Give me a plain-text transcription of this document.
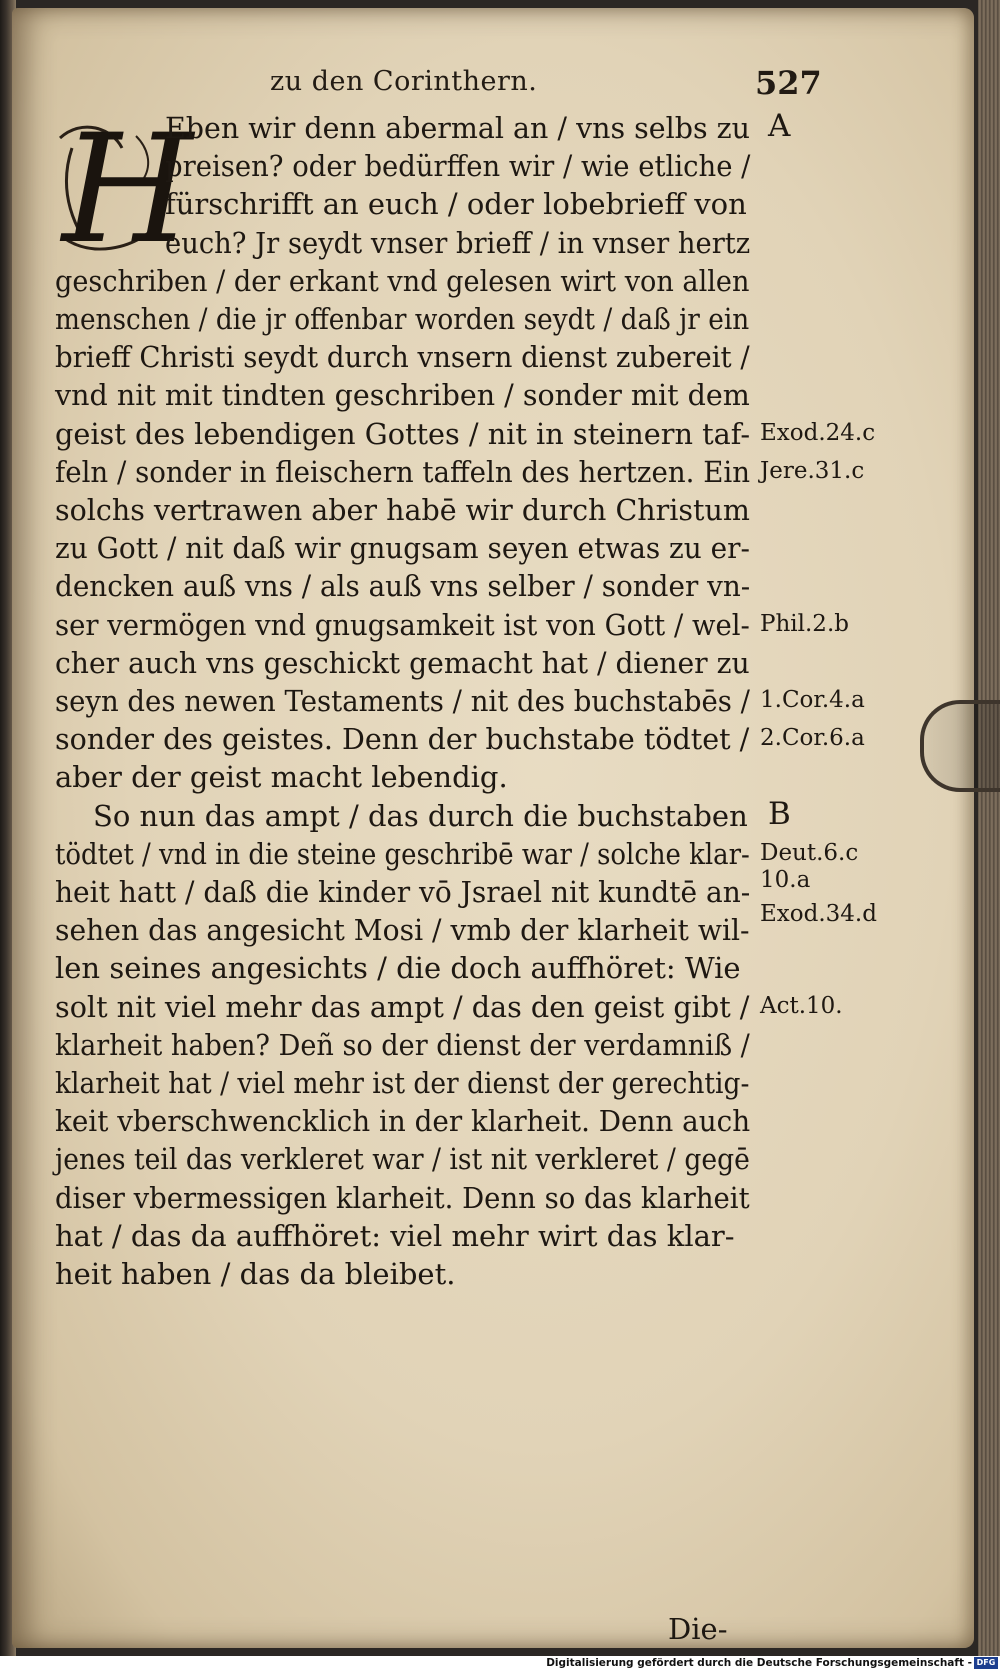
zu den Corinthern.	527
H
Eben wir denn abermal an / vns selbs zu
preisen? oder bedürffen wir / wie etliche /
fürschrifft an euch / oder lobebrieff von
euch? Jr seydt vnser brieff / in vnser hertz
geschriben / der erkant vnd gelesen wirt von allen
menschen / die jr offenbar worden seydt / daß jr ein
brieff Christi seydt durch vnsern dienst zubereit /
vnd nit mit tindten geschriben / sonder mit dem
geist des lebendigen Gottes / nit in steinern taf-
feln / sonder in fleischern taffeln des hertzen. Ein
solchs vertrawen aber habē wir durch Christum
zu Gott / nit daß wir gnugsam seyen etwas zu er-
dencken auß vns / als auß vns selber / sonder vn-
ser vermögen vnd gnugsamkeit ist von Gott / wel-
cher auch vns geschickt gemacht hat / diener zu
seyn des newen Testaments / nit des buchstabēs /
sonder des geistes. Denn der buchstabe tödtet /
aber der geist macht lebendig.
So nun das ampt / das durch die buchstaben
tödtet / vnd in die steine geschribē war / solche klar-
heit hatt / daß die kinder vō Jsrael nit kundtē an-
sehen das angesicht Mosi / vmb der klarheit wil-
len seines angesichts / die doch auffhöret: Wie
solt nit viel mehr das ampt / das den geist gibt /
klarheit haben? Deñ so der dienst der verdamniß /
klarheit hat / viel mehr ist der dienst der gerechtig-
keit vberschwencklich in der klarheit. Denn auch
jenes teil das verkleret war / ist nit verkleret / gegē
diser vbermessigen klarheit. Denn so das klarheit
hat / das da auffhöret: viel mehr wirt das klar-
heit haben / das da bleibet.
A
Exod.24.c
Jere.31.c
Phil.2.b
1.Cor.4.a
2.Cor.6.a
B
Deut.6.c
10.a
Exod.34.d
Act.10.
Die-
Digitalisierung gefördert durch die Deutsche Forschungsgemeinschaft - DFG
